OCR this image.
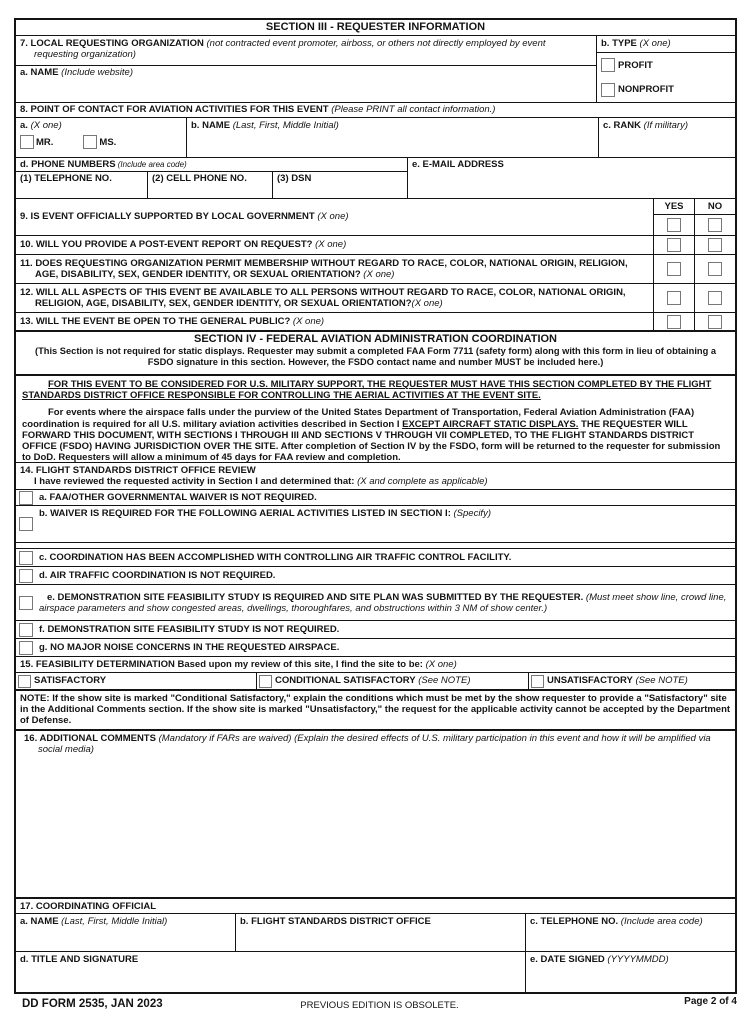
SECTION III - REQUESTER INFORMATION
7. LOCAL REQUESTING ORGANIZATION (not contracted event promoter, airboss, or others not directly employed by event requesting organization)
a. NAME (Include website)
b. TYPE (X one)
PROFIT
NONPROFIT
8. POINT OF CONTACT FOR AVIATION ACTIVITIES FOR THIS EVENT (Please PRINT all contact information.)
a. (X one)
MR.	MS.
b. NAME (Last, First, Middle Initial)	c. RANK (If military)
d. PHONE NUMBERS (Include area code)
(1) TELEPHONE NO.	(2) CELL PHONE NO.	(3) DSN
e. E-MAIL ADDRESS
9. IS EVENT OFFICIALLY SUPPORTED BY LOCAL GOVERNMENT (X one)
YES	NO
10. WILL YOU PROVIDE A POST-EVENT REPORT ON REQUEST? (X one)
11. DOES REQUESTING ORGANIZATION PERMIT MEMBERSHIP WITHOUT REGARD TO RACE, COLOR, NATIONAL ORIGIN, RELIGION, AGE, DISABILITY, SEX, GENDER IDENTITY, OR SEXUAL ORIENTATION? (X one)
12. WILL ALL ASPECTS OF THIS EVENT BE AVAILABLE TO ALL PERSONS WITHOUT REGARD TO RACE, COLOR, NATIONAL ORIGIN, RELIGION, AGE, DISABILITY, SEX, GENDER IDENTITY, OR SEXUAL ORIENTATION?(X one)
13. WILL THE EVENT BE OPEN TO THE GENERAL PUBLIC? (X one)
SECTION IV - FEDERAL AVIATION ADMINISTRATION COORDINATION
(This Section is not required for static displays. Requester may submit a completed FAA Form 7711 (safety form) along with this form in lieu of obtaining a FSDO signature in this section. However, the FSDO contact name and number MUST be included here.)

FOR THIS EVENT TO BE CONSIDERED FOR U.S. MILITARY SUPPORT, THE REQUESTER MUST HAVE THIS SECTION COMPLETED BY THE FLIGHT STANDARDS DISTRICT OFFICE RESPONSIBLE FOR CONTROLLING THE AERIAL ACTIVITIES AT THE EVENT SITE.

For events where the airspace falls under the purview of the United States Department of Transportation, Federal Aviation Administration (FAA) coordination is required for all U.S. military aviation activities described in Section I EXCEPT AIRCRAFT STATIC DISPLAYS. THE REQUESTER WILL FORWARD THIS DOCUMENT, WITH SECTIONS I THROUGH III AND SECTIONS V THROUGH VII COMPLETED, TO THE FLIGHT STANDARDS DISTRICT OFFICE (FSDO) HAVING JURISDICTION OVER THE SITE. After completion of Section IV by the FSDO, form will be returned to the requester for submission to DoD. Requesters will allow a minimum of 45 days for FAA review and completion.

14. FLIGHT STANDARDS DISTRICT OFFICE REVIEW
I have reviewed the requested activity in Section I and determined that: (X and complete as applicable)
a. FAA/OTHER GOVERNMENTAL WAIVER IS NOT REQUIRED.
b. WAIVER IS REQUIRED FOR THE FOLLOWING AERIAL ACTIVITIES LISTED IN SECTION I: (Specify)
c. COORDINATION HAS BEEN ACCOMPLISHED WITH CONTROLLING AIR TRAFFIC CONTROL FACILITY.
d. AIR TRAFFIC COORDINATION IS NOT REQUIRED.
e. DEMONSTRATION SITE FEASIBILITY STUDY IS REQUIRED AND SITE PLAN WAS SUBMITTED BY THE REQUESTER. (Must meet show line, crowd line, airspace parameters and show congested areas, dwellings, thoroughfares, and obstructions within 3 NM of show center.)
f. DEMONSTRATION SITE FEASIBILITY STUDY IS NOT REQUIRED.
g. NO MAJOR NOISE CONCERNS IN THE REQUESTED AIRSPACE.
15. FEASIBILITY DETERMINATION Based upon my review of this site, I find the site to be: (X one)
SATISFACTORY	CONDITIONAL SATISFACTORY (See NOTE)	UNSATISFACTORY (See NOTE)
NOTE: If the show site is marked "Conditional Satisfactory," explain the conditions which must be met by the show requester to provide a "Satisfactory" site in the Additional Comments section. If the show site is marked "Unsatisfactory," the request for the applicable activity cannot be accepted by the Department of Defense.
16. ADDITIONAL COMMENTS (Mandatory if FARs are waived) (Explain the desired effects of U.S. military participation in this event and how it will be amplified via social media)
17. COORDINATING OFFICIAL
a. NAME (Last, First, Middle Initial)	b. FLIGHT STANDARDS DISTRICT OFFICE	c. TELEPHONE NO. (Include area code)
d. TITLE AND SIGNATURE	e. DATE SIGNED (YYYYMMDD)
DD FORM 2535, JAN 2023	PREVIOUS EDITION IS OBSOLETE.	Page 2 of 4
